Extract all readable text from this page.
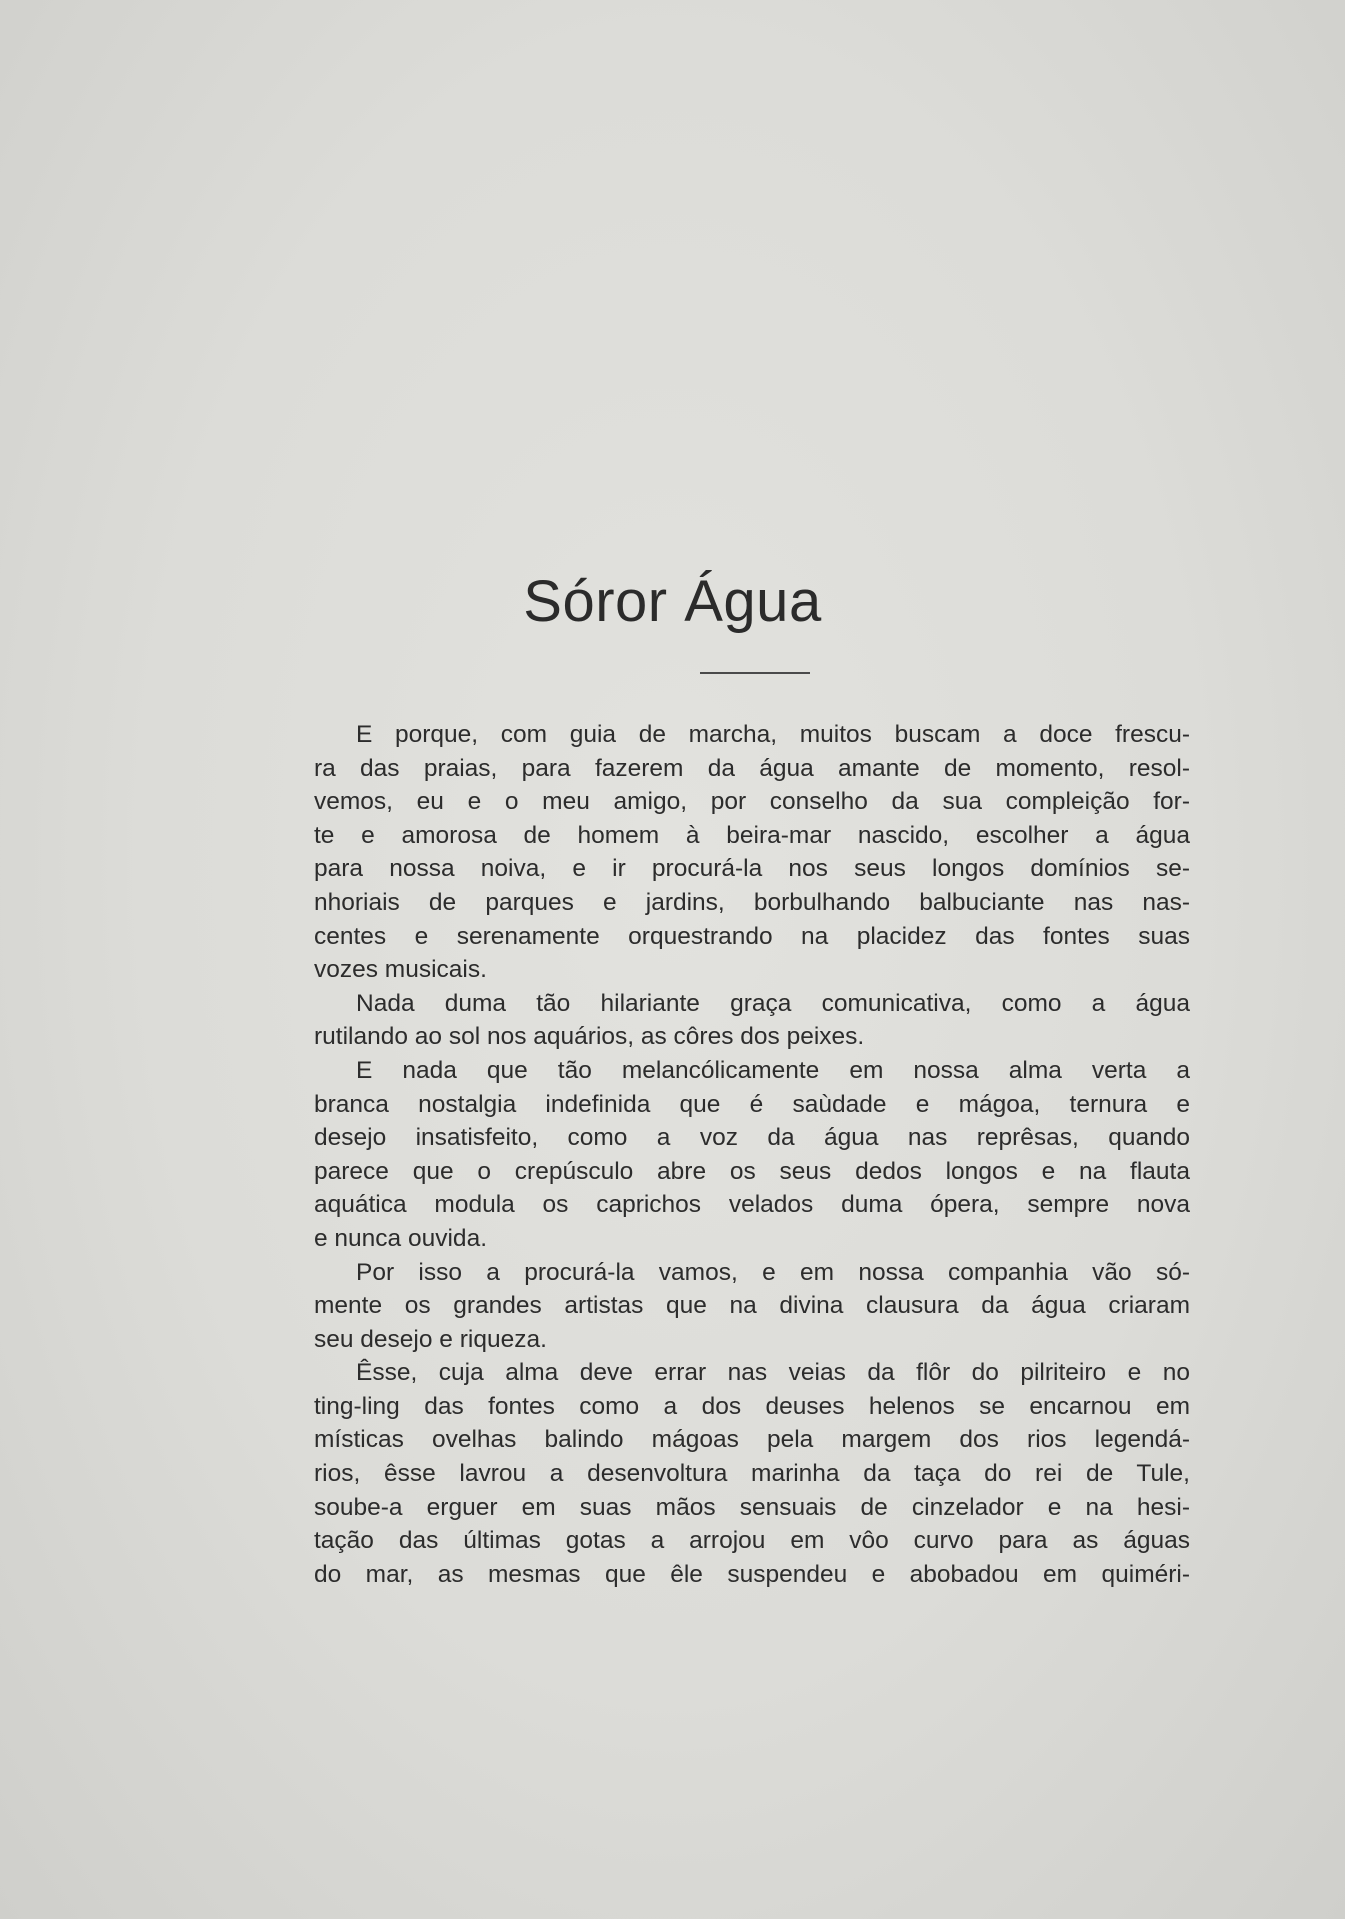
Sóror Água
E porque, com guia de marcha, muitos buscam a doce frescu-
ra das praias, para fazerem da água amante de momento, resol-
vemos, eu e o meu amigo, por conselho da sua compleição for-
te e amorosa de homem à beira-mar nascido, escolher a água
para nossa noiva, e ir procurá-la nos seus longos domínios se-
nhoriais de parques e jardins, borbulhando balbuciante nas nas-
centes e serenamente orquestrando na placidez das fontes suas
vozes musicais.
Nada duma tão hilariante graça comunicativa, como a água
rutilando ao sol nos aquários, as côres dos peixes.
E nada que tão melancólicamente em nossa alma verta a
branca nostalgia indefinida que é saùdade e mágoa, ternura e
desejo insatisfeito, como a voz da água nas reprêsas, quando
parece que o crepúsculo abre os seus dedos longos e na flauta
aquática modula os caprichos velados duma ópera, sempre nova
e nunca ouvida.
Por isso a procurá-la vamos, e em nossa companhia vão só-
mente os grandes artistas que na divina clausura da água criaram
seu desejo e riqueza.
Êsse, cuja alma deve errar nas veias da flôr do pilriteiro e no
ting-ling das fontes como a dos deuses helenos se encarnou em
místicas ovelhas balindo mágoas pela margem dos rios legendá-
rios, êsse lavrou a desenvoltura marinha da taça do rei de Tule,
soube-a erguer em suas mãos sensuais de cinzelador e na hesi-
tação das últimas gotas a arrojou em vôo curvo para as águas
do mar, as mesmas que êle suspendeu e abobadou em quiméri-
